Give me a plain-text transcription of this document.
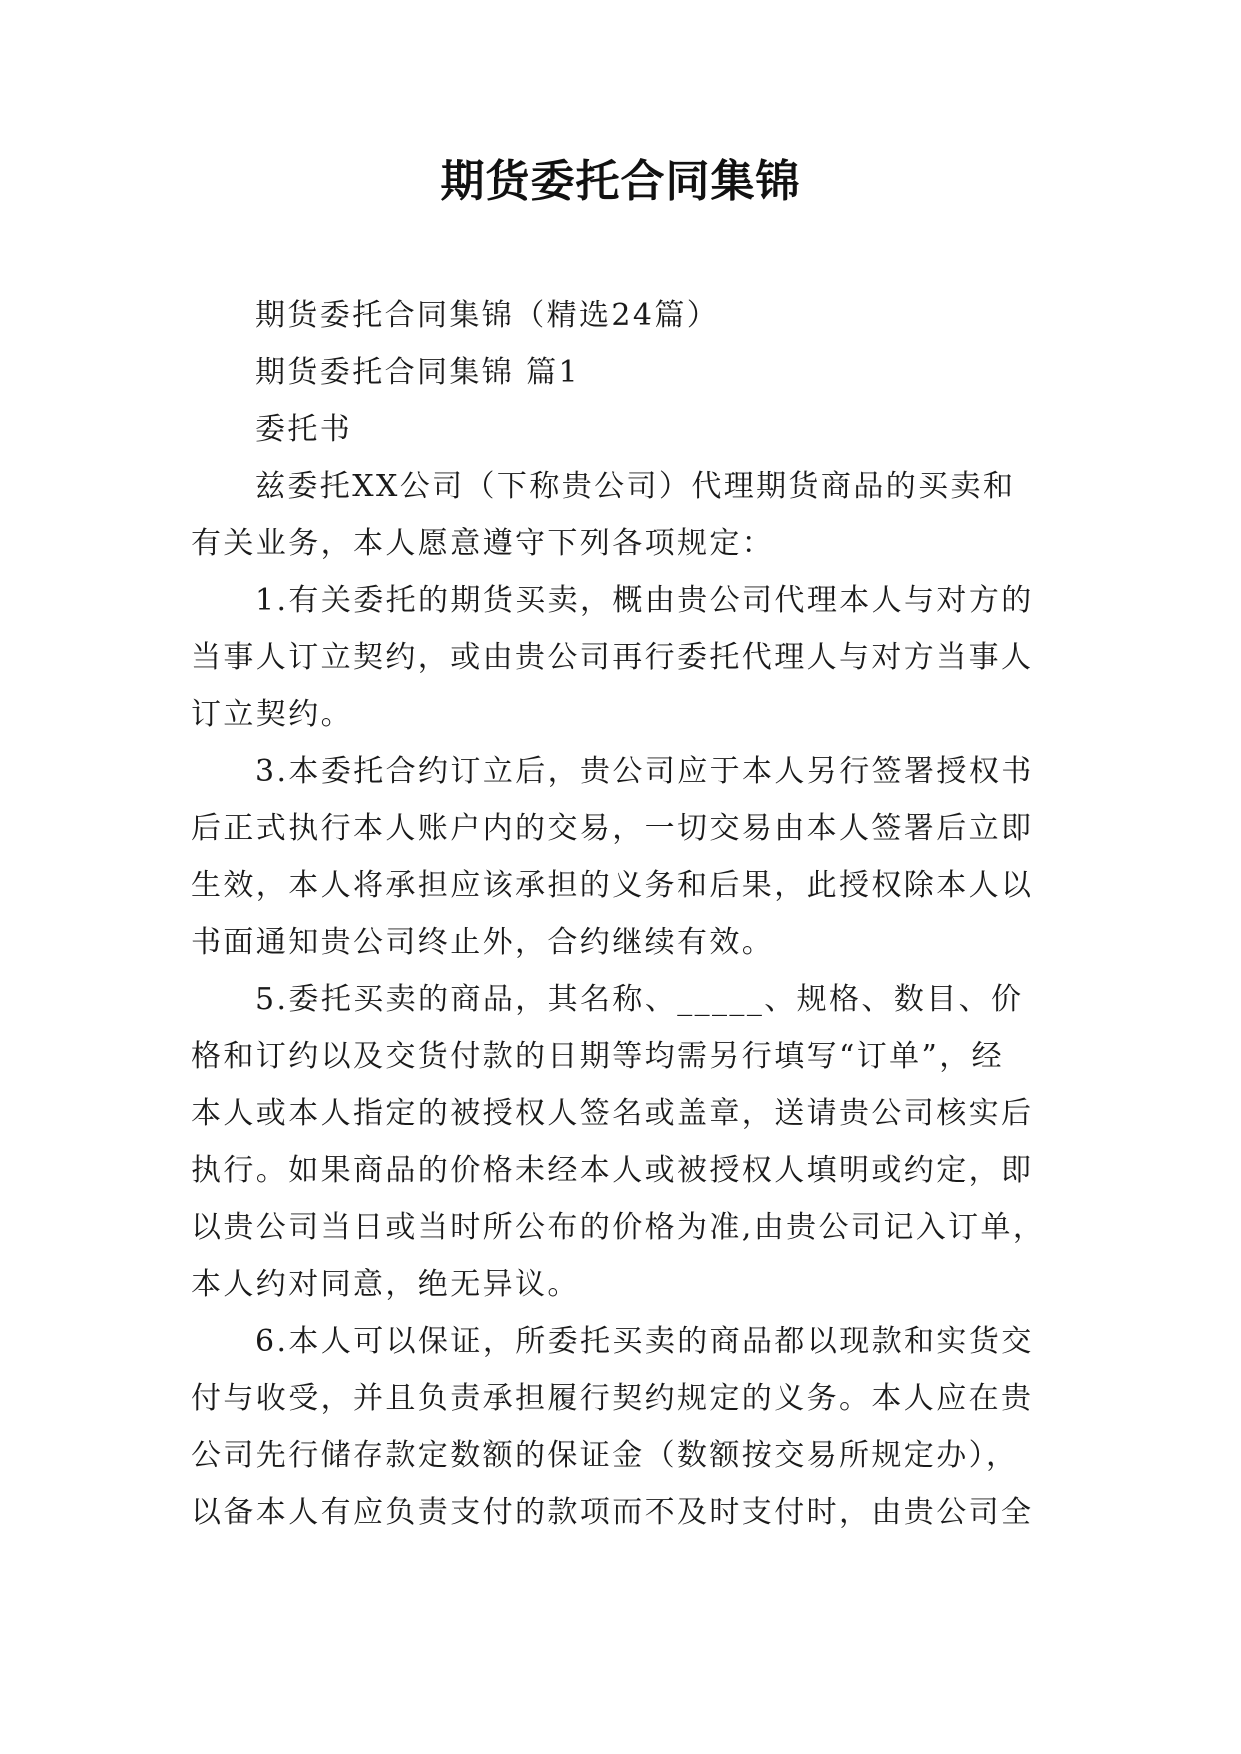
期货委托合同集锦
期货委托合同集锦（精选24篇）
期货委托合同集锦 篇1
委托书
兹委托XX公司（下称贵公司）代理期货商品的买卖和
有关业务，本人愿意遵守下列各项规定：
1.有关委托的期货买卖，概由贵公司代理本人与对方的
当事人订立契约，或由贵公司再行委托代理人与对方当事人
订立契约。
3.本委托合约订立后，贵公司应于本人另行签署授权书
后正式执行本人账户内的交易，一切交易由本人签署后立即
生效，本人将承担应该承担的义务和后果，此授权除本人以
书面通知贵公司终止外，合约继续有效。
5.委托买卖的商品，其名称、_____、规格、数目、价
格和订约以及交货付款的日期等均需另行填写“订单”，经
本人或本人指定的被授权人签名或盖章，送请贵公司核实后
执行。如果商品的价格未经本人或被授权人填明或约定，即
以贵公司当日或当时所公布的价格为准,由贵公司记入订单，
本人约对同意，绝无异议。
6.本人可以保证，所委托买卖的商品都以现款和实货交
付与收受，并且负责承担履行契约规定的义务。本人应在贵
公司先行储存款定数额的保证金（数额按交易所规定办），
以备本人有应负责支付的款项而不及时支付时，由贵公司全
